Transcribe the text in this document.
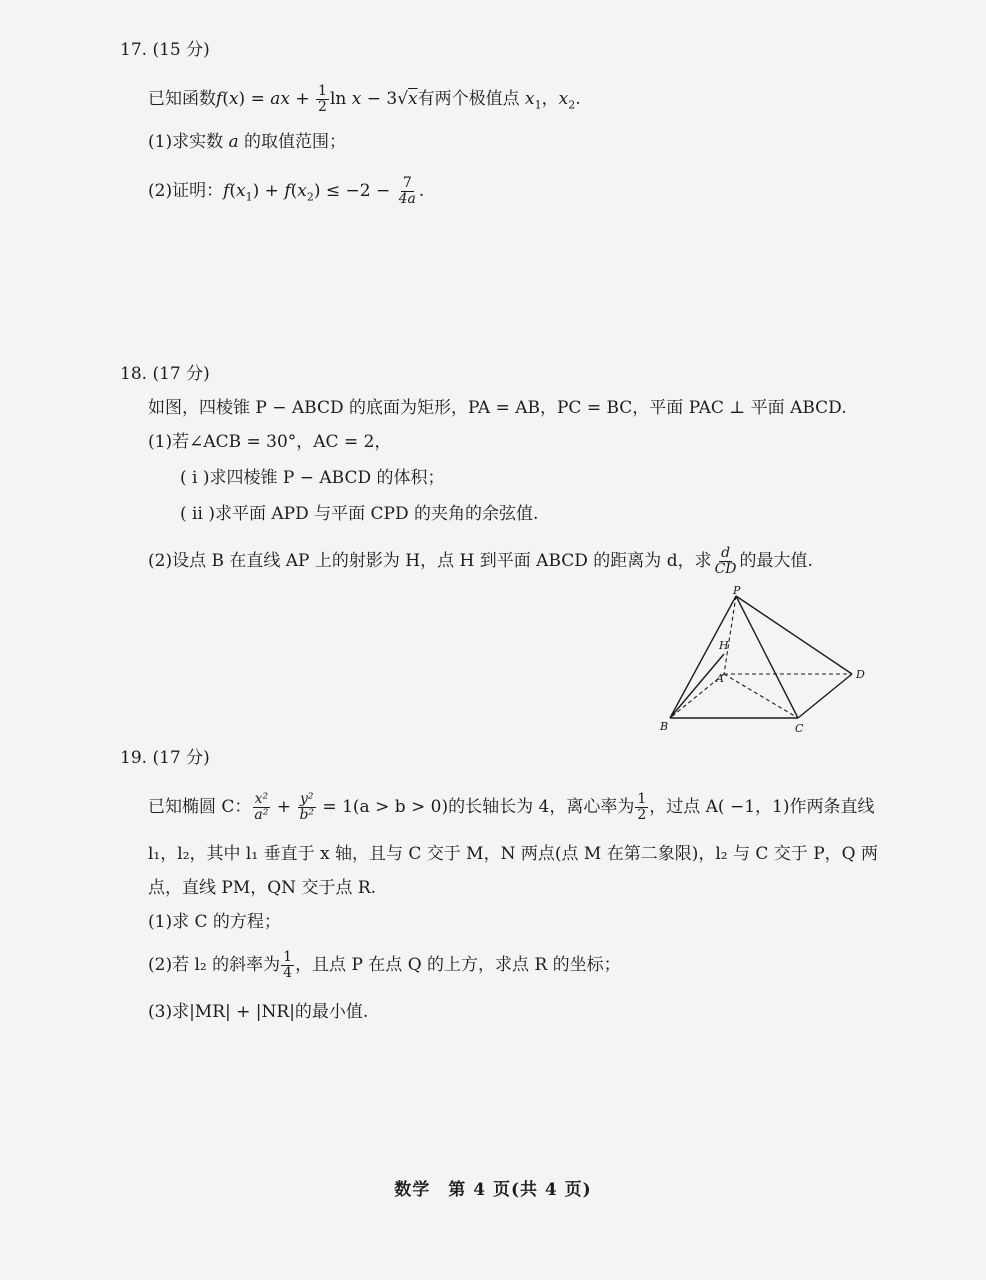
17. (15 分)
已知函数f(x) = ax + $\frac{1}{2}$ ln x − 3√x有两个极值点 $x_1$，$x_2$.
(1)求实数 a 的取值范围；
(2)证明：$f(x_1) + f(x_2) \le -2 - \frac{7}{4a}$ .
18. (17 分)
如图，四棱锥 P − ABCD 的底面为矩形，PA = AB，PC = BC，平面 PAC ⊥ 平面 ABCD.
(1)若∠ACB = 30°，AC = 2，
( ⅰ )求四棱锥 P − ABCD 的体积；
( ⅱ )求平面 APD 与平面 CPD 的夹角的余弦值.
(2)设点 B 在直线 AP 上的射影为 H，点 H 到平面 ABCD 的距离为 d，求 $\frac{d}{CD}$ 的最大值.
P
H
A	D
B	C
19. (17 分)
已知椭圆 C： $\frac{\text{x²}}{\text{a²}} + \frac{\text{y²}}{\text{b²}} = 1(a > b > 0)$的长轴长为 4，离心率为 $\frac{1}{2}$ ，过点 A( −1，1)作两条直线
l₁，l₂，其中 l₁ 垂直于 x 轴，且与 C 交于 M，N 两点(点 M 在第二象限)，l₂ 与 C 交于 P，Q 两
点，直线 PM，QN 交于点 R.
(1)求 C 的方程；
(2)若 l₂ 的斜率为 $\frac{1}{4}$ ，且点 P 在点 Q 的上方，求点 R 的坐标；
(3)求|MR| + |NR|的最小值.
数学　第 4 页(共 4 页)
